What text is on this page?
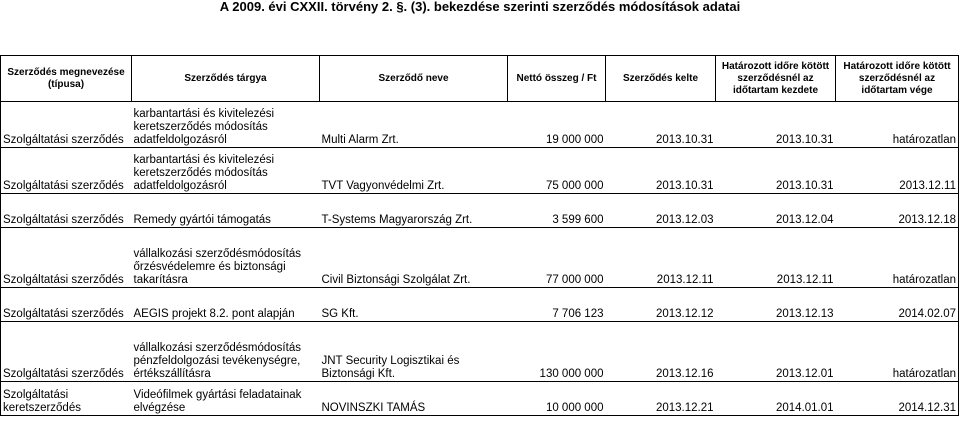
A 2009. évi CXXII. törvény 2. §. (3). bekezdése szerinti szerződés módosítások adatai
Szerződés megnevezése (típusa)	Szerződés tárgya	Szerződő neve	Nettó összeg / Ft	Szerződés kelte	Határozott időre kötött szerződésnél az időtartam kezdete	Határozott időre kötött szerződésnél az időtartam vége
Szolgáltatási szerződés	karbantartási és kivitelezési keretszerződés módosítás adatfeldolgozásról	Multi Alarm Zrt.	19 000 000	2013.10.31	2013.10.31	határozatlan
Szolgáltatási szerződés	karbantartási és kivitelezési keretszerződés módosítás adatfeldolgozásról	TVT Vagyonvédelmi Zrt.	75 000 000	2013.10.31	2013.10.31	2013.12.11
Szolgáltatási szerződés	Remedy gyártói támogatás	T-Systems Magyarország Zrt.	3 599 600	2013.12.03	2013.12.04	2013.12.18
Szolgáltatási szerződés	vállalkozási szerződésmódosítás őrzésvédelemre és biztonsági takarításra	Civil Biztonsági Szolgálat Zrt.	77 000 000	2013.12.11	2013.12.11	határozatlan
Szolgáltatási szerződés	AEGIS projekt 8.2. pont alapján	SG Kft.	7 706 123	2013.12.12	2013.12.13	2014.02.07
Szolgáltatási szerződés	vállalkozási szerződésmódosítás pénzfeldolgozási tevékenységre, értékszállításra	JNT Security Logisztikai és Biztonsági Kft.	130 000 000	2013.12.16	2013.12.01	határozatlan
Szolgáltatási keretszerződés	Videófilmek gyártási feladatainak elvégzése	NOVINSZKI TAMÁS	10 000 000	2013.12.21	2014.01.01	2014.12.31
